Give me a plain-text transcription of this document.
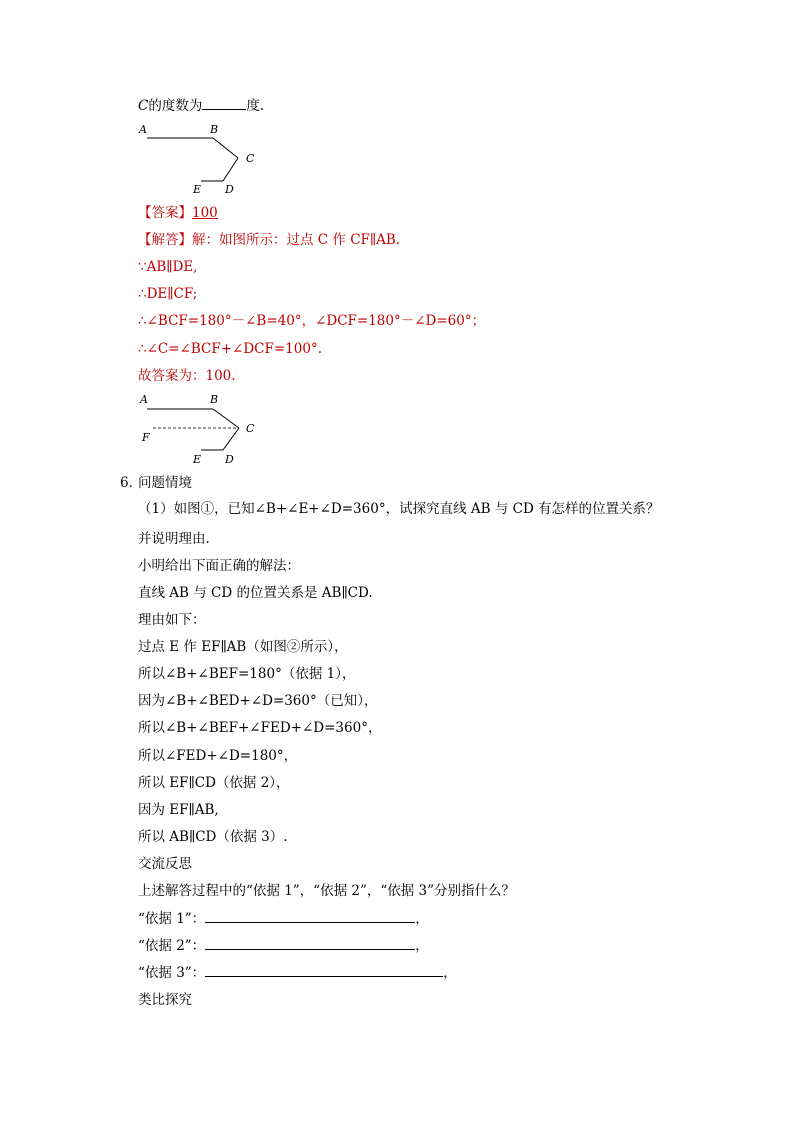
C的度数为	度.
A	B
C
E D
【答案】100
【解答】解：如图所示：过点 C 作 CF∥AB.
∵AB∥DE,
∴DE∥CF;
∴∠BCF=180°－∠B=40°，∠DCF=180°－∠D=60°；
∴∠C=∠BCF+∠DCF=100°.
故答案为：100.
A	B
C
F
E D
6．
问题情境
（1）如图①，已知∠B+∠E+∠D=360°，试探究直线 AB 与 CD 有怎样的位置关系？
并说明理由.
小明给出下面正确的解法：
直线 AB 与 CD 的位置关系是 AB∥CD.
理由如下：
过点 E 作 EF∥AB（如图②所示），
所以∠B+∠BEF=180°（依据 1），
因为∠B+∠BED+∠D=360°（已知），
所以∠B+∠BEF+∠FED+∠D=360°，
所以∠FED+∠D=180°，
所以 EF∥CD（依据 2），
因为 EF∥AB,
所以 AB∥CD（依据 3）.
交流反思
上述解答过程中的“依据 1”，“依据 2”，“依据 3”分别指什么？
“依据 1”：	，
“依据 2”：	，
“依据 3”：	，
类比探究
